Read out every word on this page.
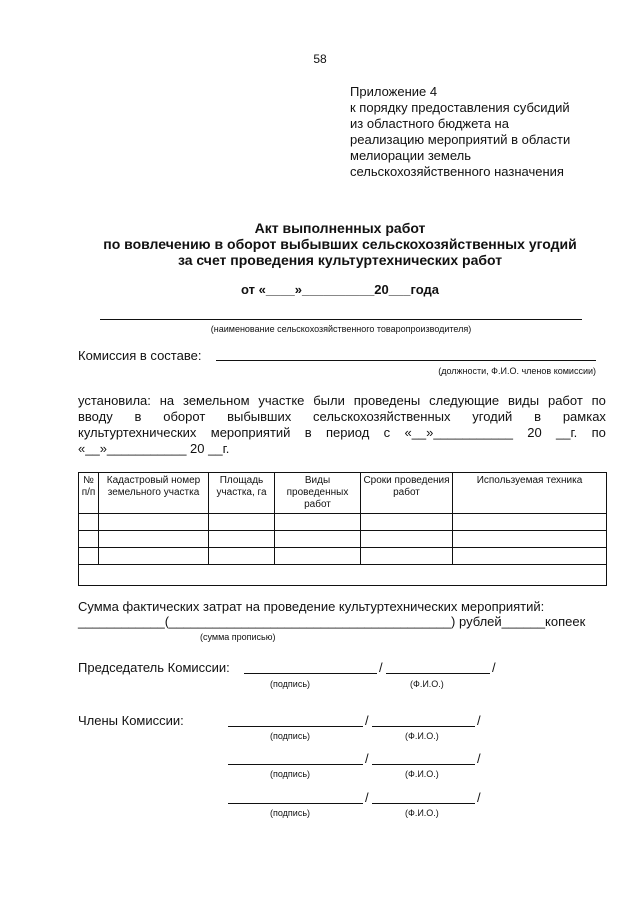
58
Приложение 4
к порядку предоставления субсидий
из областного бюджета на
реализацию мероприятий в области
мелиорации земель
сельскохозяйственного назначения
Акт выполненных работ
по вовлечению в оборот выбывших сельскохозяйственных угодий
за счет проведения культуртехнических работ
от «____»__________20___года
(наименование сельскохозяйственного товаропроизводителя)
Комиссия в составе:
(должности, Ф.И.О. членов комиссии)
установила: на земельном участке были проведены следующие виды работ по
вводу в оборот выбывших сельскохозяйственных угодий в рамках
культуртехнических мероприятий в период с «__»___________ 20 __г. по
«__»___________ 20 __г.
№ п/п	Кадастровый номер земельного участка	Площадь участка, га	Виды проведенных работ	Сроки проведения работ	Используемая техника

Сумма фактических затрат на проведение культуртехнических мероприятий:
____________(_______________________________________) рублей______копеек
(сумма прописью)
Председатель Комиссии:	/	/
(подпись)	(Ф.И.О.)
Члены Комиссии:	/	/
(подпись)	(Ф.И.О.)
/	/
(подпись)	(Ф.И.О.)
/	/
(подпись)	(Ф.И.О.)
